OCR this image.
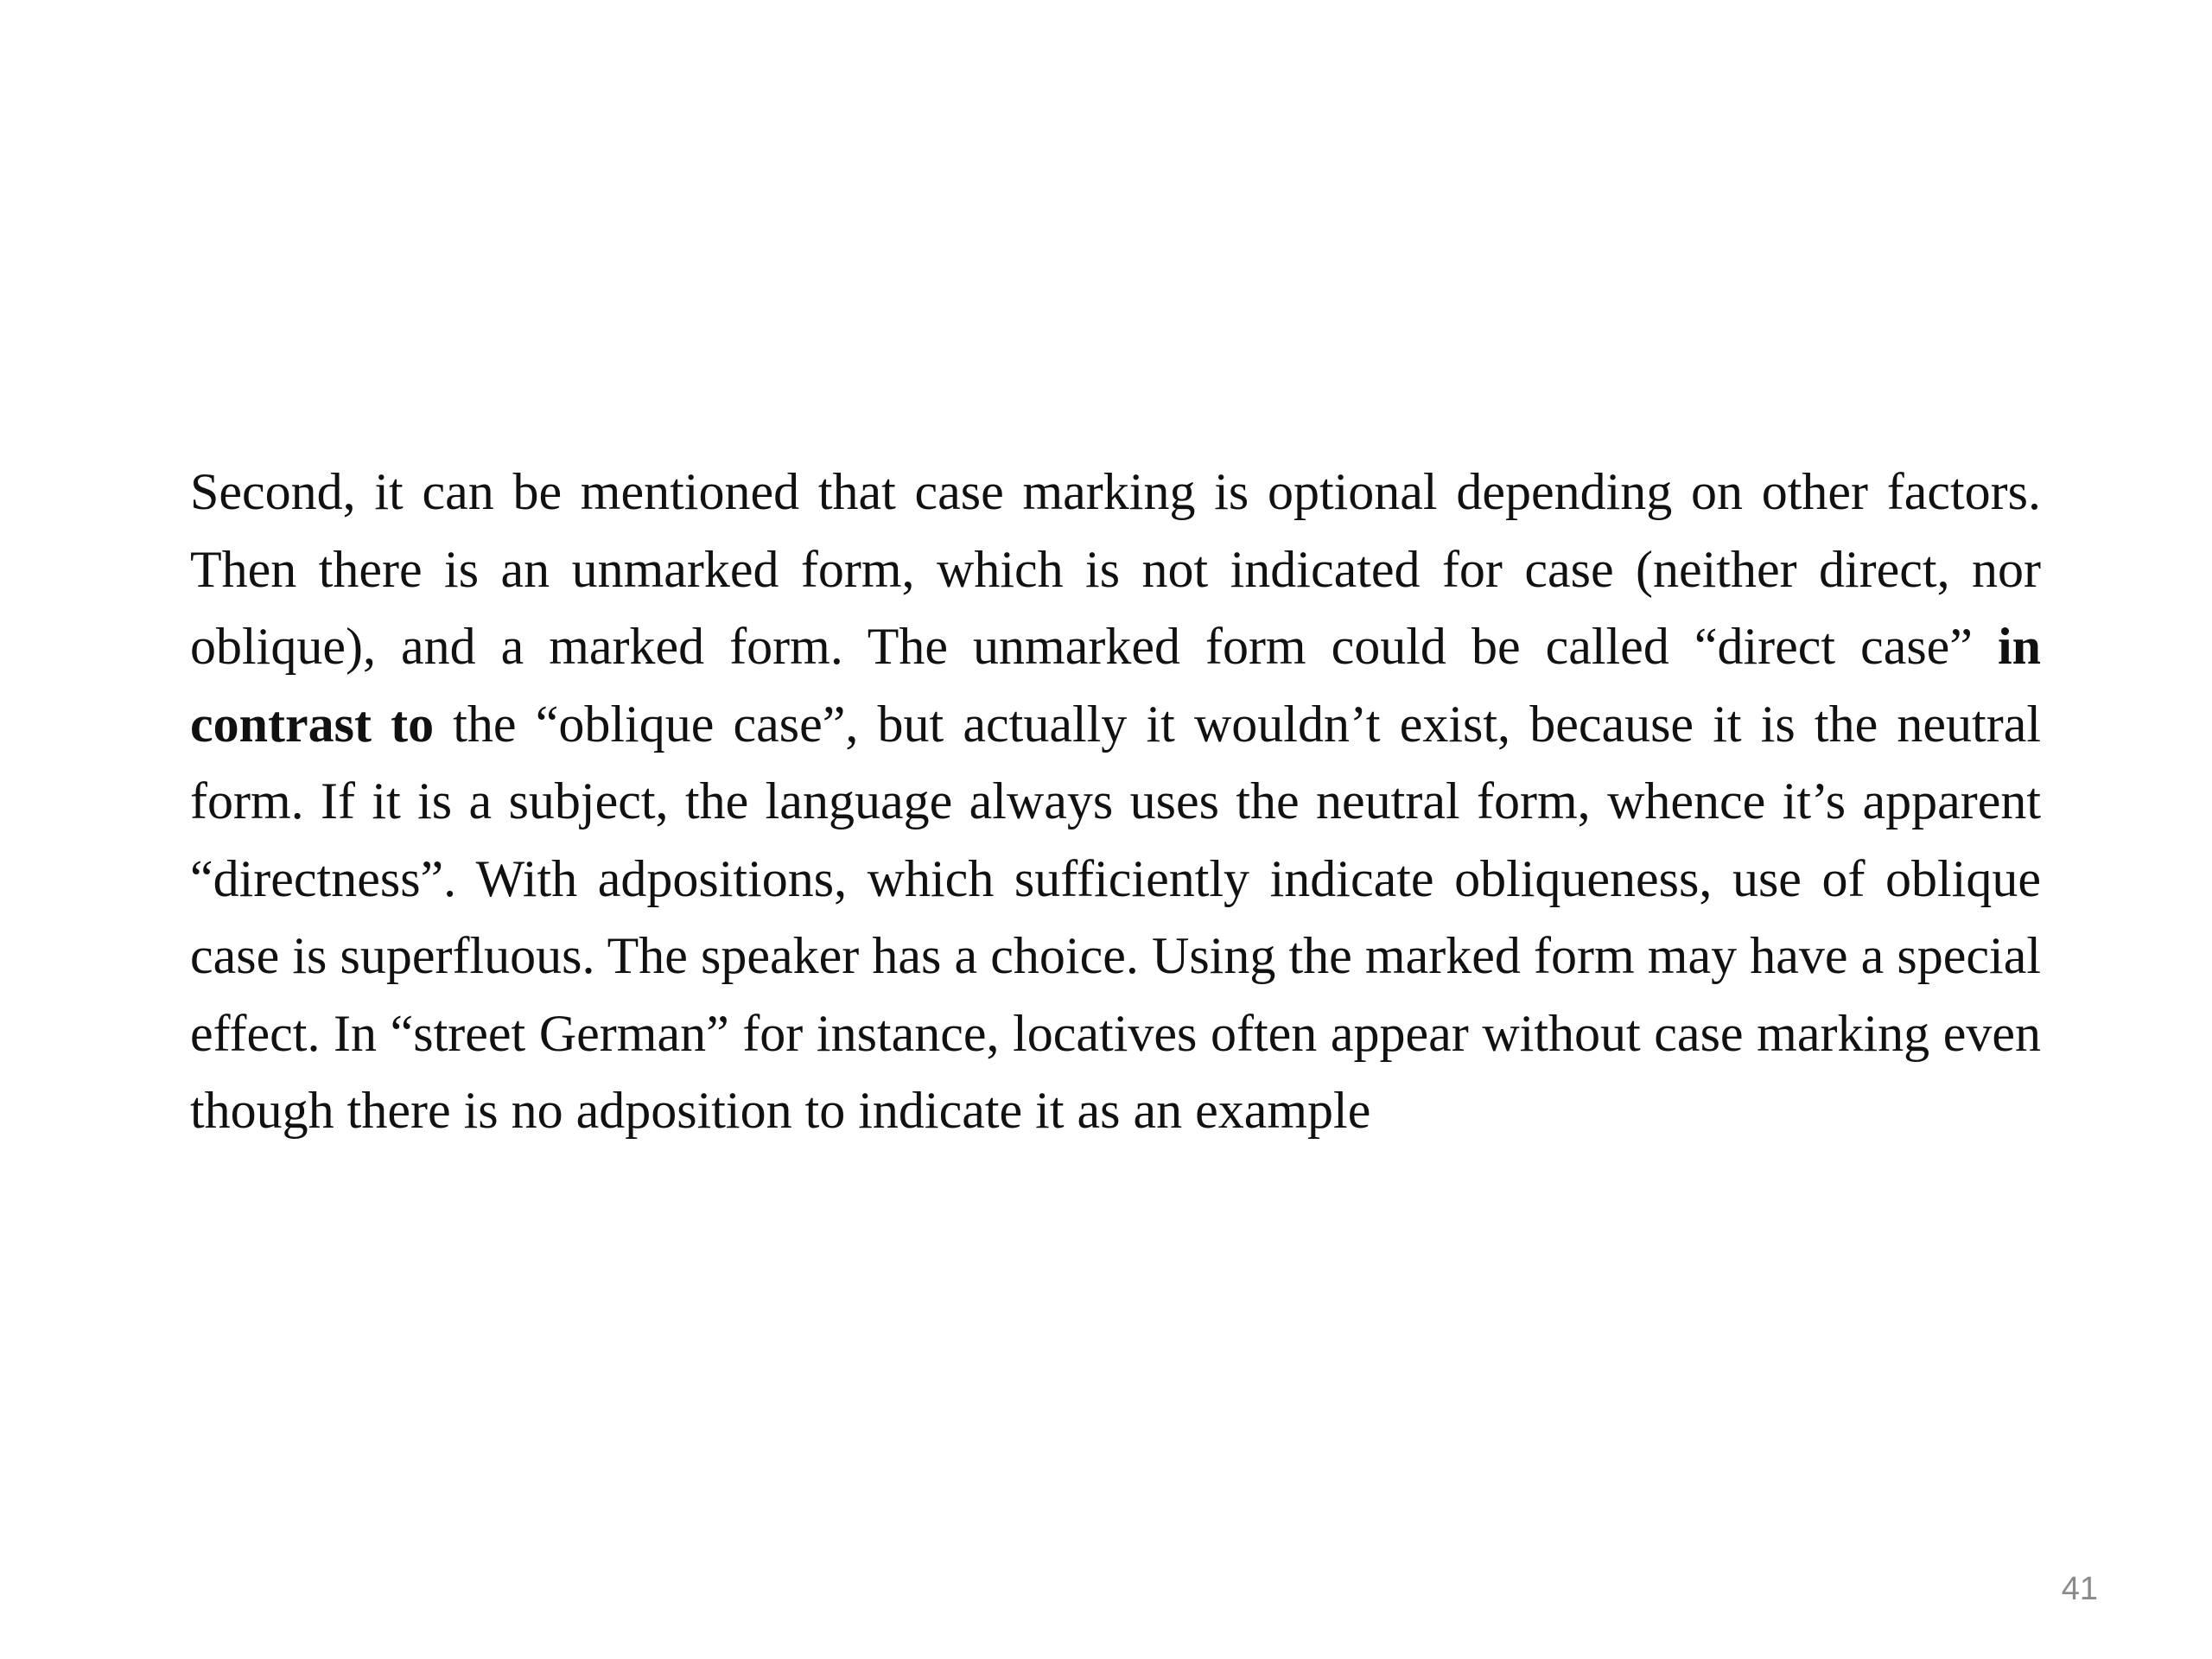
Second, it can be mentioned that case marking is optional depending on other factors. Then there is an unmarked form, which is not indicated for case (neither direct, nor oblique), and a marked form. The unmarked form could be called “direct case” in contrast to the “oblique case”, but actually it wouldn’t exist, because it is the neutral form. If it is a subject, the language always uses the neutral form, whence it’s apparent “directness”. With adpositions, which sufficiently indicate obliqueness, use of oblique case is superfluous. The speaker has a choice. Using the marked form may have a special effect. In “street German” for instance, locatives often appear without case marking even though there is no adposition to indicate it as an example

41
